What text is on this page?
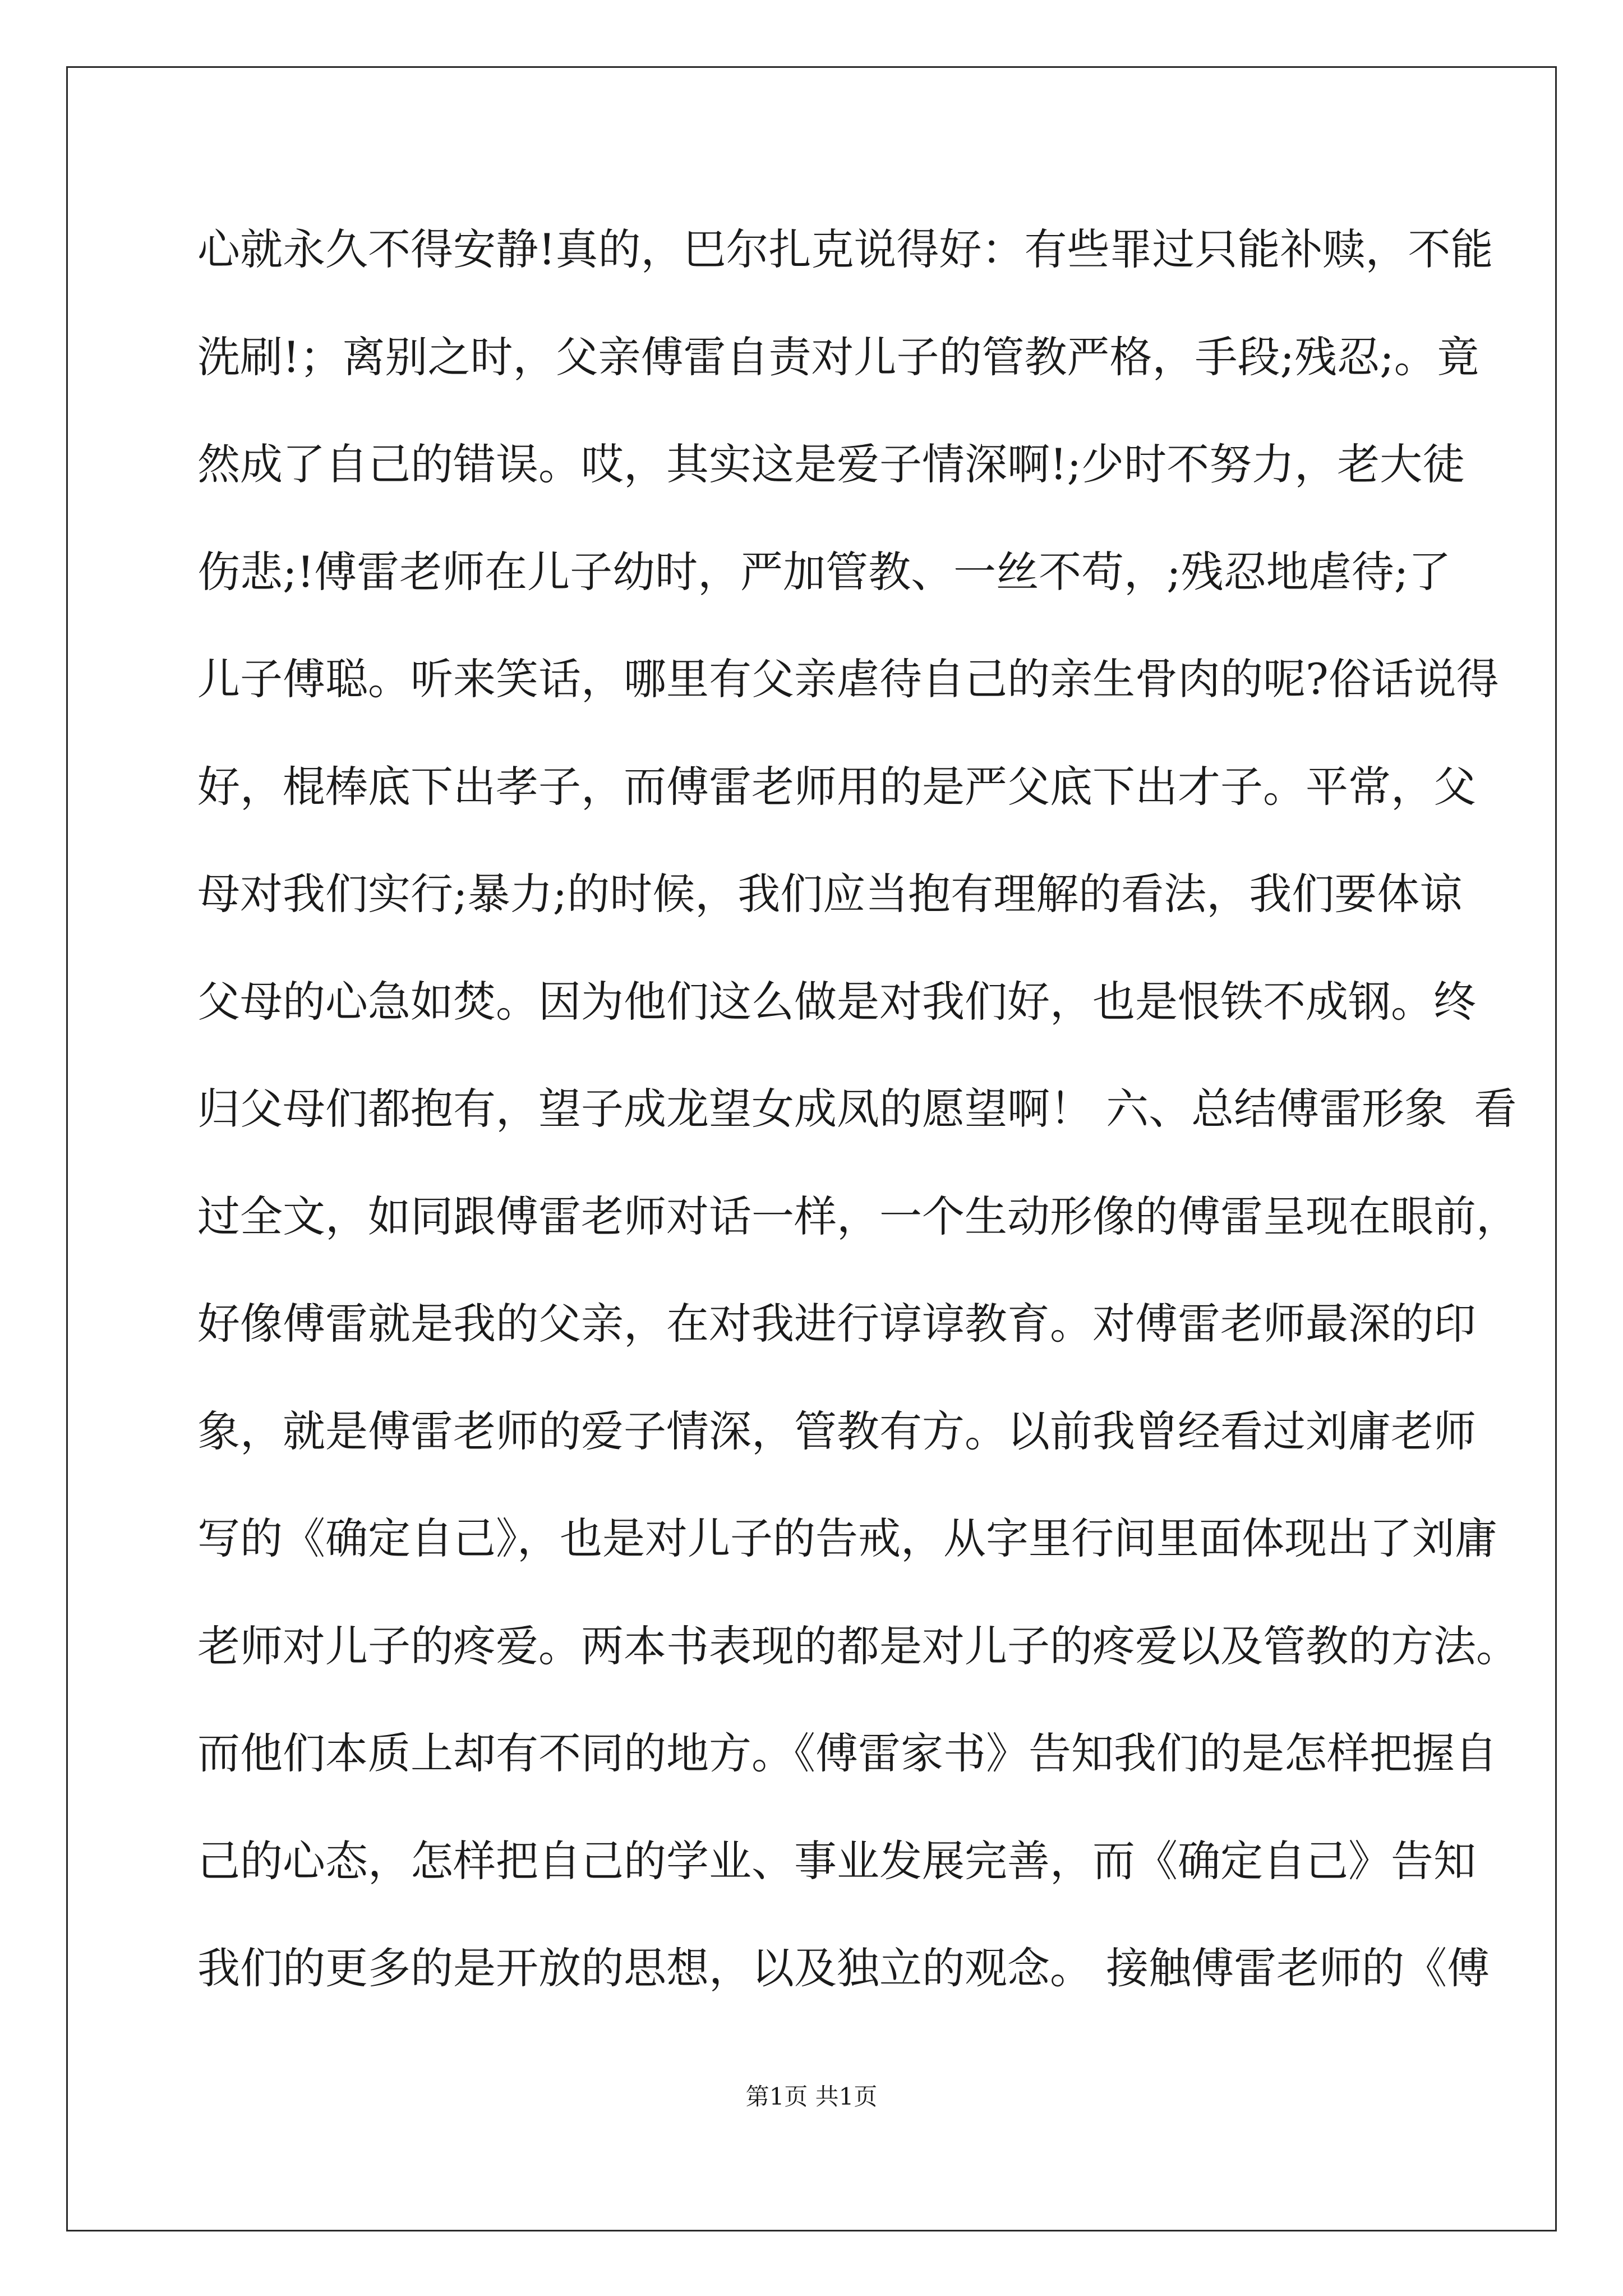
心就永久不得安静!真的，巴尔扎克说得好：有些罪过只能补赎，不能
洗刷!；离别之时，父亲傅雷自责对儿子的管教严格，手段;残忍;。竟
然成了自己的错误。哎，其实这是爱子情深啊!;少时不努力，老大徒
伤悲;!傅雷老师在儿子幼时，严加管教、一丝不苟，;残忍地虐待;了
儿子傅聪。听来笑话，哪里有父亲虐待自己的亲生骨肉的呢?俗话说得
好，棍棒底下出孝子，而傅雷老师用的是严父底下出才子。平常，父
母对我们实行;暴力;的时候，我们应当抱有理解的看法，我们要体谅
父母的心急如焚。因为他们这么做是对我们好，也是恨铁不成钢。终
归父母们都抱有，望子成龙望女成凤的愿望啊！ 六、总结傅雷形象  看
过全文，如同跟傅雷老师对话一样，一个生动形像的傅雷呈现在眼前，
好像傅雷就是我的父亲，在对我进行谆谆教育。对傅雷老师最深的印
象，就是傅雷老师的爱子情深，管教有方。以前我曾经看过刘庸老师
写的《确定自己》，也是对儿子的告戒，从字里行间里面体现出了刘庸
老师对儿子的疼爱。两本书表现的都是对儿子的疼爱以及管教的方法。
而他们本质上却有不同的地方。《傅雷家书》告知我们的是怎样把握自
己的心态，怎样把自己的学业、事业发展完善，而《确定自己》告知
我们的更多的是开放的思想，以及独立的观念。 接触傅雷老师的《傅
第1页 共1页
